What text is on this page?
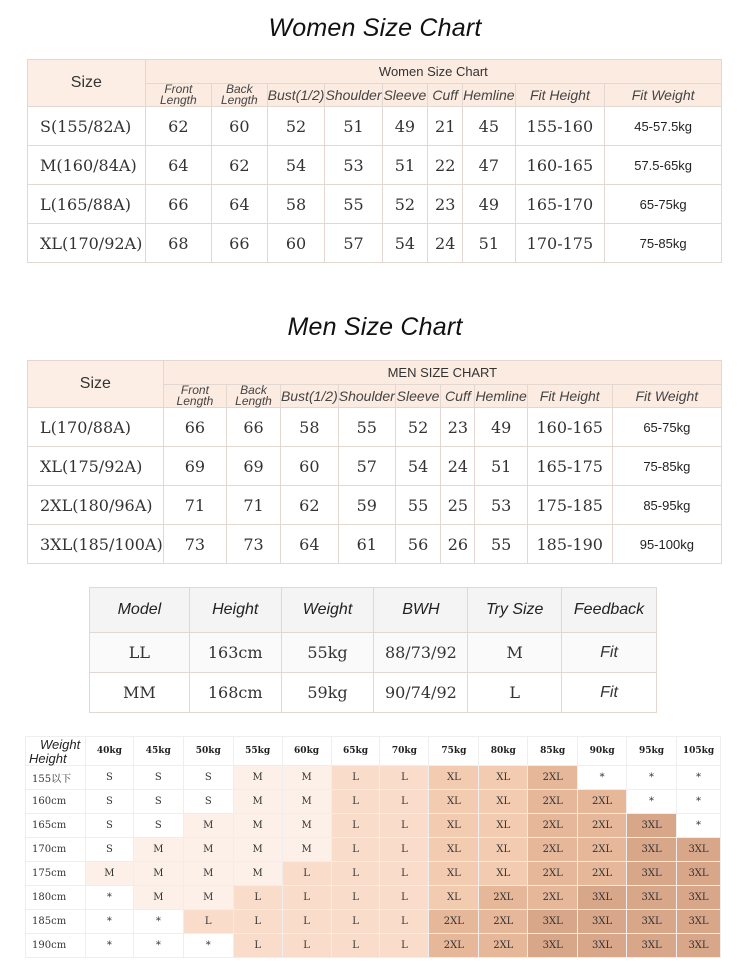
Women Size Chart
Size	Women Size Chart								
	Front Length	Back Length	Bust(1/2)	Shoulder	Sleeve	Cuff	Hemline	Fit Height	Fit Weight
S(155/82A)	62	60	52	51	49	21	45	155-160	45-57.5kg
M(160/84A)	64	62	54	53	51	22	47	160-165	57.5-65kg
L(165/88A)	66	64	58	55	52	23	49	165-170	65-75kg
XL(170/92A)	68	66	60	57	54	24	51	170-175	75-85kg
Men Size Chart
Size	MEN SIZE CHART								
	Front Length	Back Length	Bust(1/2)	Shoulder	Sleeve	Cuff	Hemline	Fit Height	Fit Weight
L(170/88A)	66	66	58	55	52	23	49	160-165	65-75kg
XL(175/92A)	69	69	60	57	54	24	51	165-175	75-85kg
2XL(180/96A)	71	71	62	59	55	25	53	175-185	85-95kg
3XL(185/100A)	73	73	64	61	56	26	55	185-190	95-100kg
Model	Height	Weight	BWH	Try Size	Feedback
LL	163cm	55kg	88/73/92	M	Fit
MM	168cm	59kg	90/74/92	L	Fit
Weight
Height	40kg	45kg	50kg	55kg	60kg	65kg	70kg	75kg	80kg	85kg	90kg	95kg	105kg
155以下	S	S	S	M	M	L	L	XL	XL	2XL	*	*	*
160cm	S	S	S	M	M	L	L	XL	XL	2XL	2XL	*	*
165cm	S	S	M	M	M	L	L	XL	XL	2XL	2XL	3XL	*
170cm	S	M	M	M	M	L	L	XL	XL	2XL	2XL	3XL	3XL
175cm	M	M	M	M	L	L	L	XL	XL	2XL	2XL	3XL	3XL
180cm	*	M	M	L	L	L	L	XL	2XL	2XL	3XL	3XL	3XL
185cm	*	*	L	L	L	L	L	2XL	2XL	3XL	3XL	3XL	3XL
190cm	*	*	*	L	L	L	L	2XL	2XL	3XL	3XL	3XL	3XL
